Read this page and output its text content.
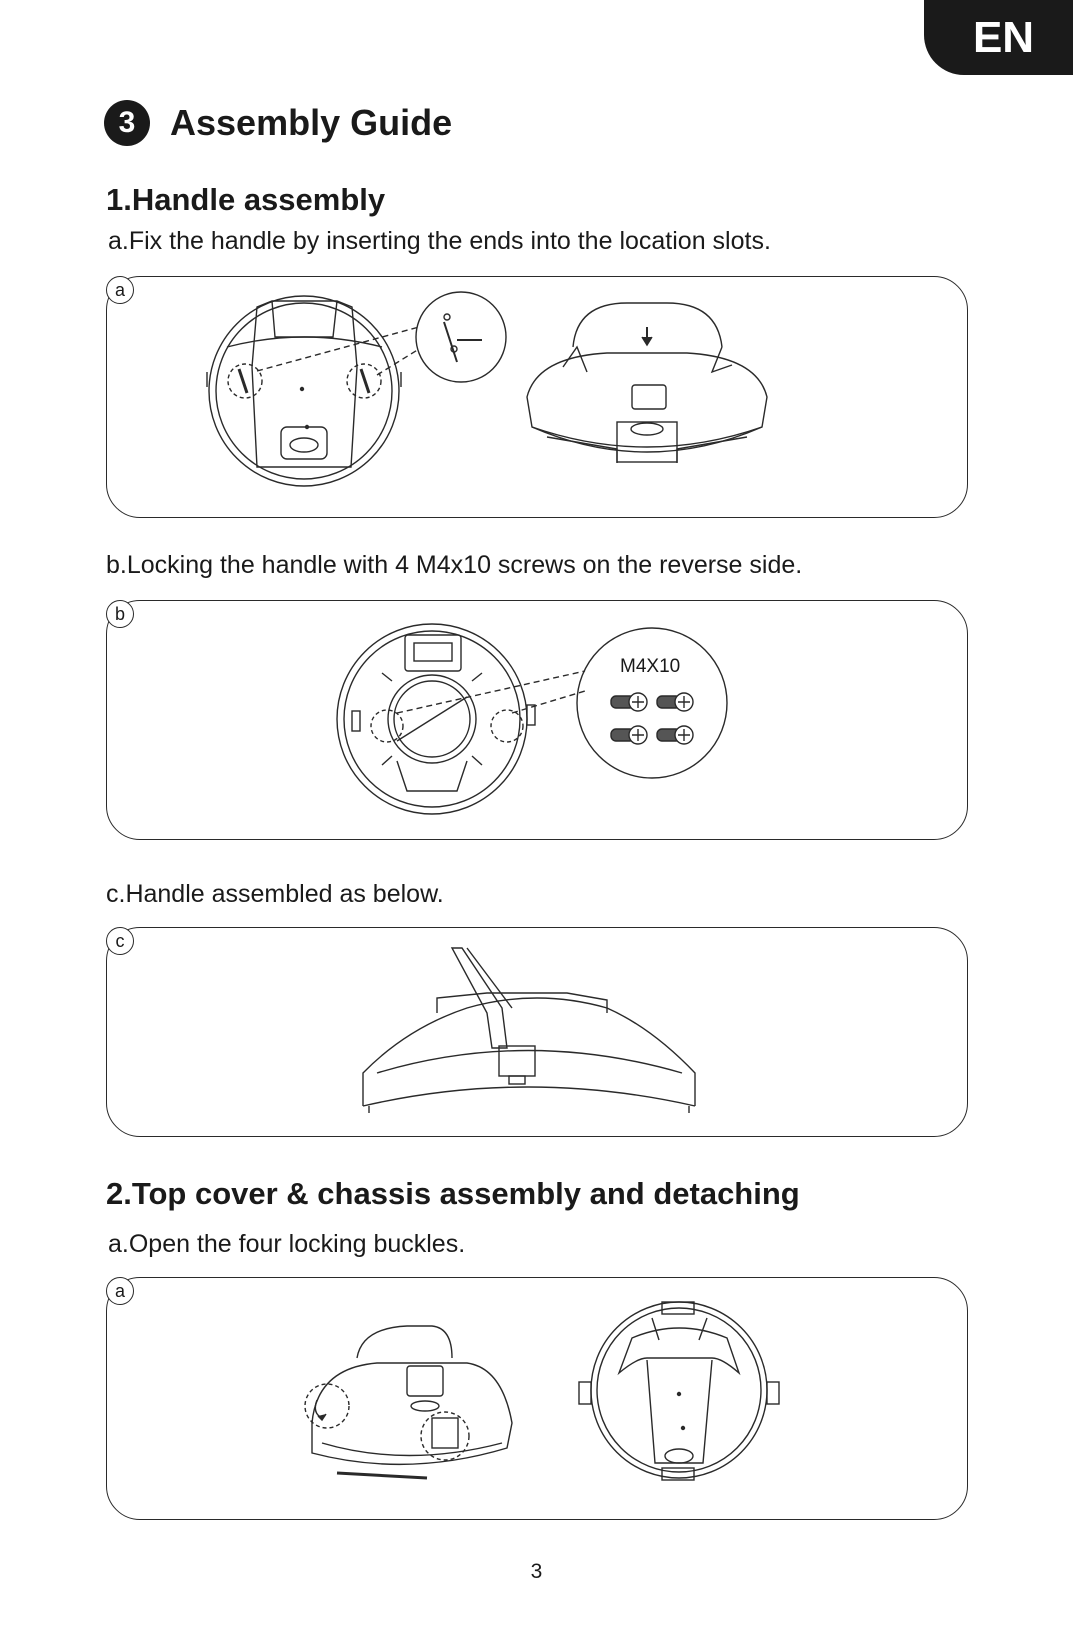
EN
3 Assembly Guide
1.Handle assembly
a.Fix the handle by inserting the ends into the location slots.
a
b.Locking the handle with 4 M4x10 screws on the reverse side.
b
M4X10
c.Handle assembled as below.
c
2.Top cover & chassis assembly and detaching
a.Open the four locking buckles.
a
3
